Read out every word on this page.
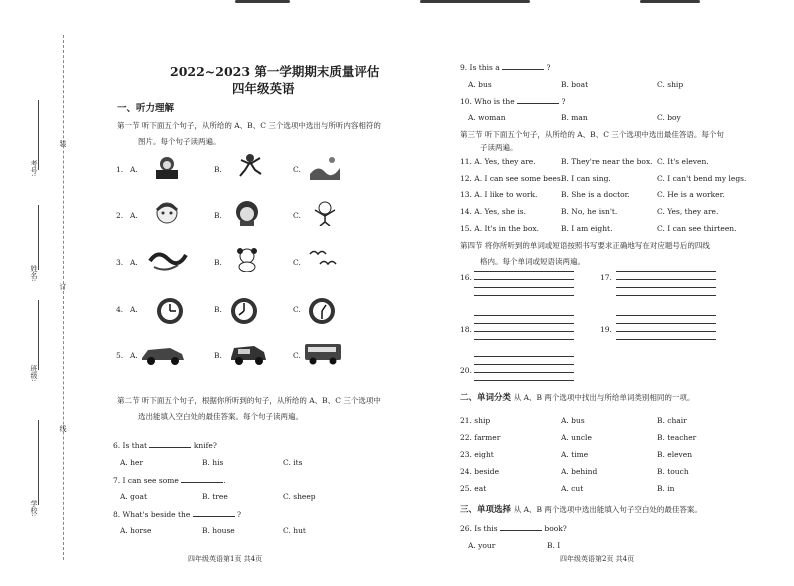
装
订
线
考号:
姓名:
班级:
学校:
2022~2023 第一学期期末质量评估
四年级英语
一、听力理解
第一节 听下面五个句子，从所给的 A、B、C 三个选项中选出与所听内容相符的
图片。每个句子读两遍。
1. A.	B.	C.
2. A.	B.	C.
3. A.	B.	C.
4. A.	B.	C.
5. A.	B.	C.
第二节 听下面五个句子，根据你所听到的句子，从所给的 A、B、C 三个选项中
选出能填入空白处的最佳答案。每个句子读两遍。
6. Is that	knife?
A. her	B. his	C. its
7. I can see some	.
A. goat	B. tree	C. sheep
8. What's beside the	?
A. horse	B. house	C. hut
四年级英语第1页 共4页
9. Is this a	?
A. bus	B. boat	C. ship
10. Who is the	?
A. woman	B. man	C. boy
第三节 听下面五个句子，从所给的 A、B、C 三个选项中选出最佳答语。每个句
子读两遍。
11. A. Yes, they are.	B. They're near the box. C. It's eleven.
12. A. I can see some bees.
B. I can sing.	C. I can't bend my legs.
13. A. I like to work.	B. She is a doctor.	C. He is a worker.
14. A. Yes, she is.	B. No, he isn't.	C. Yes, they are.
15. A. It's in the box.	B. I am eight.	C. I can see thirteen.
第四节 将你所听到的单词或短语按照书写要求正确地写在对应题号后的四线
格内。每个单词或短语读两遍。
16.	17.
18.	19.
20.
二、单词分类 从 A、B 两个选项中找出与所给单词类别相同的一项。
21. ship	A. bus	B. chair
22. farmer	A. uncle	B. teacher
23. eight	A. time	B. eleven
24. beside	A. behind	B. touch
25. eat	A. cut	B. in
三、单项选择 从 A、B 两个选项中选出能填入句子空白处的最佳答案。
26. Is this	book?
A. your	B. I
四年级英语第2页 共4页
